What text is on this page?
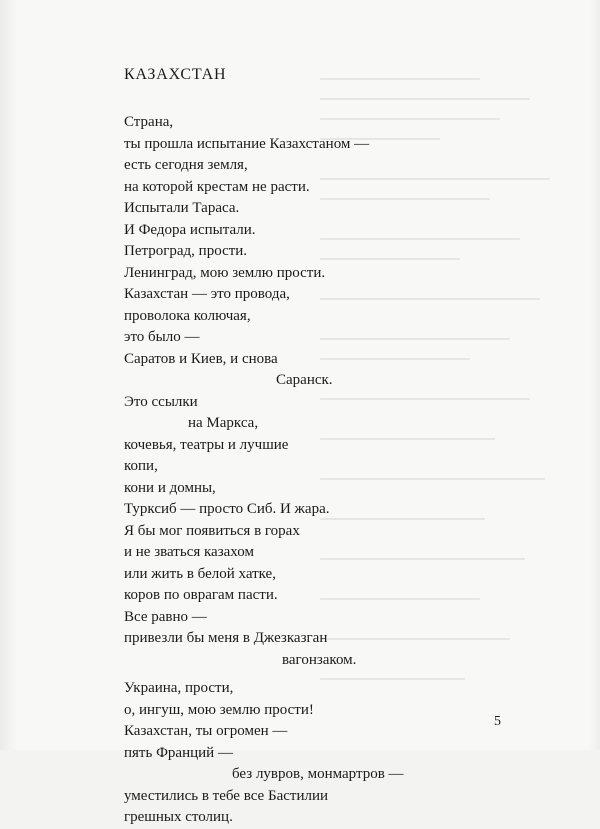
КАЗАХСТАН
Страна,
ты прошла испытание Казахстаном —
есть сегодня земля,
на которой крестам не расти.
Испытали Тараса.
И Федора испытали.
Петроград, прости.
Ленинград, мою землю прости.
Казахстан — это провода,
проволока колючая,
это было —
Саратов и Киев, и снова
Саранск.
Это ссылки
на Маркса,
кочевья, театры и лучшие
копи,
кони и домны,
Турксиб — просто Сиб. И жара.
Я бы мог появиться в горах
и не зваться казахом
или жить в белой хатке,
коров по оврагам пасти.
Все равно —
привезли бы меня в Джезказган
вагонзаком.
Украина, прости,
о, ингуш, мою землю прости!
Казахстан, ты огромен —
пять Франций —
без лувров, монмартров —
уместились в тебе все Бастилии
грешных столиц.

5
